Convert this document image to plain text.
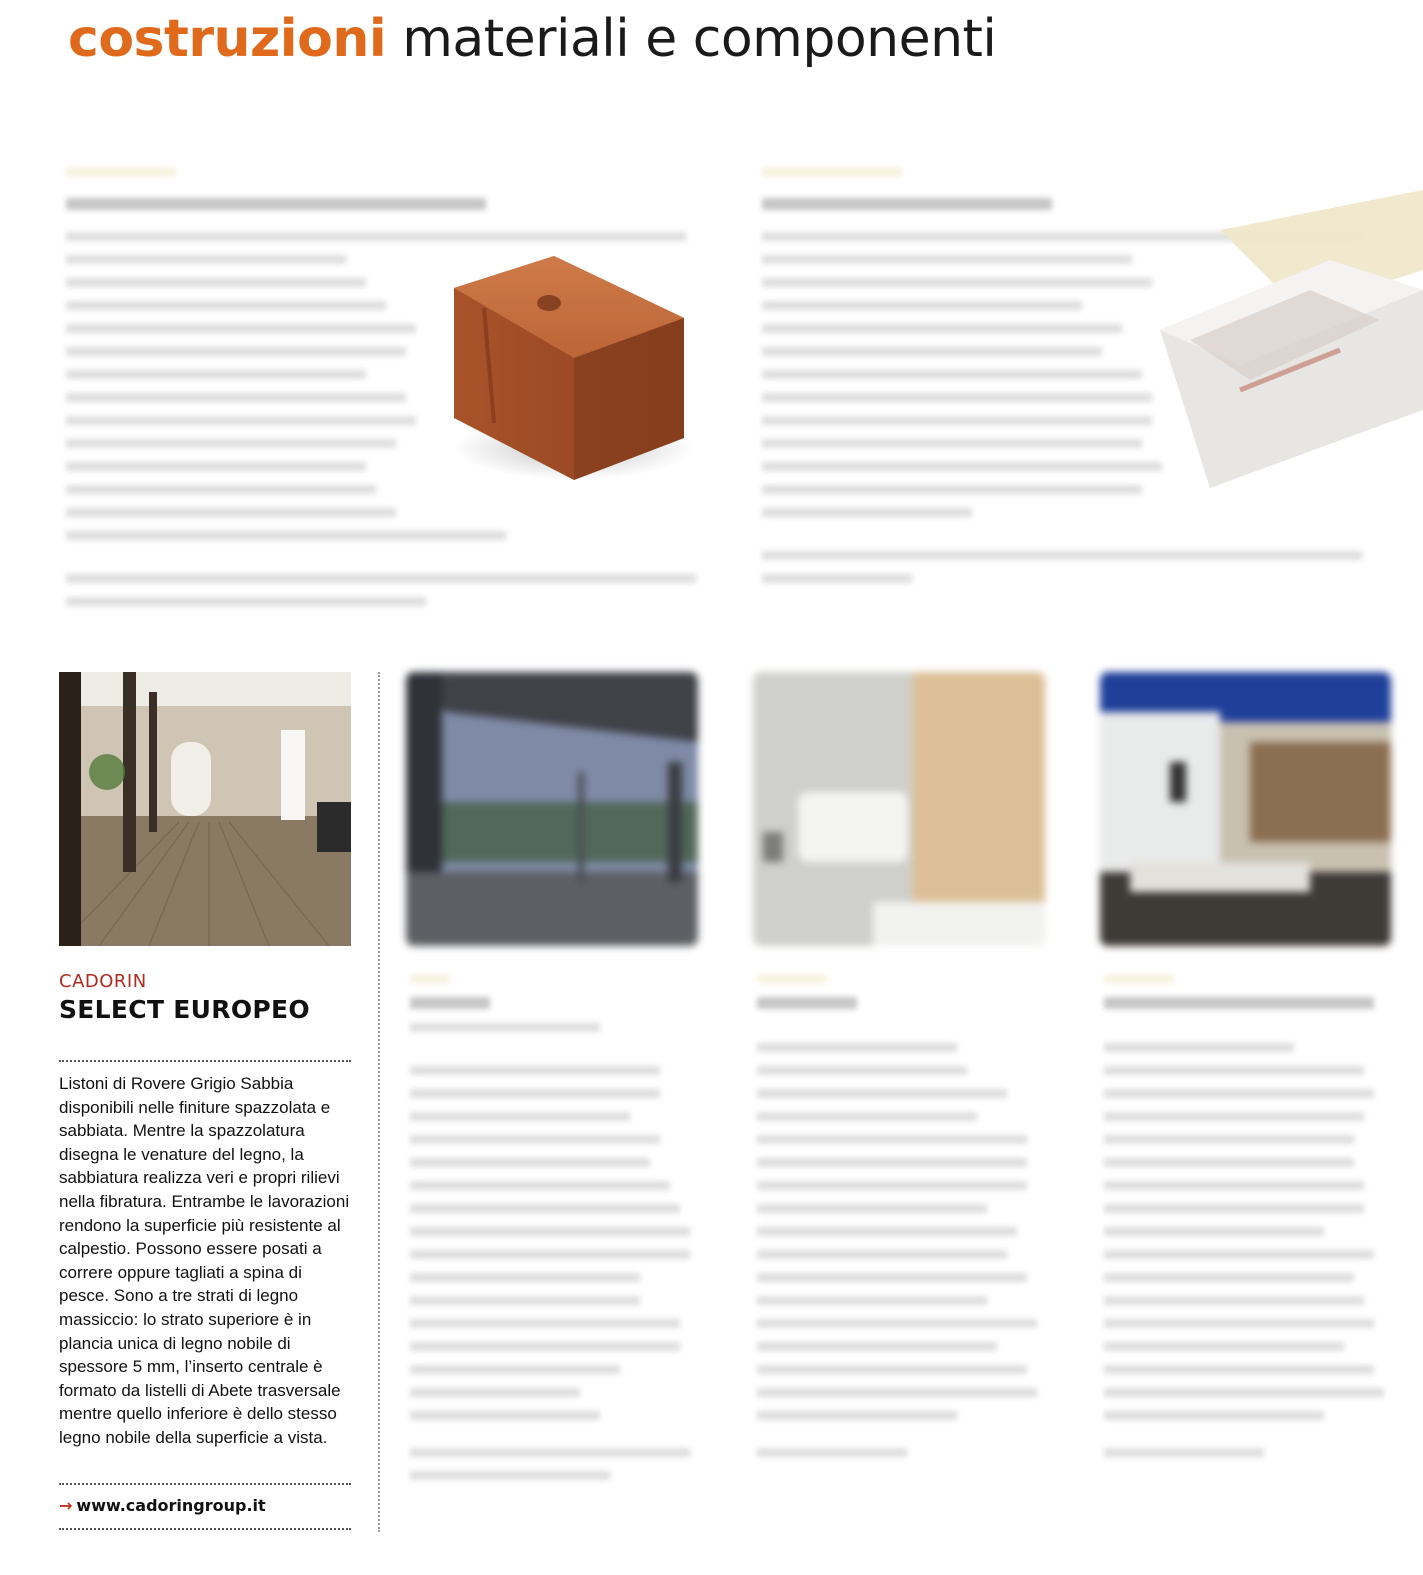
costruzioni materiali e componenti
CADORIN
SELECT EUROPEO
Listoni di Rovere Grigio Sabbia disponibili nelle finiture spazzolata e sabbiata. Mentre la spazzolatura disegna le venature del legno, la sabbiatura realizza veri e propri rilievi nella fibratura. Entrambe le lavorazioni rendono la superficie più resistente al calpestio. Possono essere posati a correre oppure tagliati a spina di pesce. Sono a tre strati di legno massiccio: lo strato superiore è in plancia unica di legno nobile di spessore 5 mm, l’inserto centrale è formato da listelli di Abete trasversale mentre quello inferiore è dello stesso legno nobile della superficie a vista.
→ www.cadoringroup.it
